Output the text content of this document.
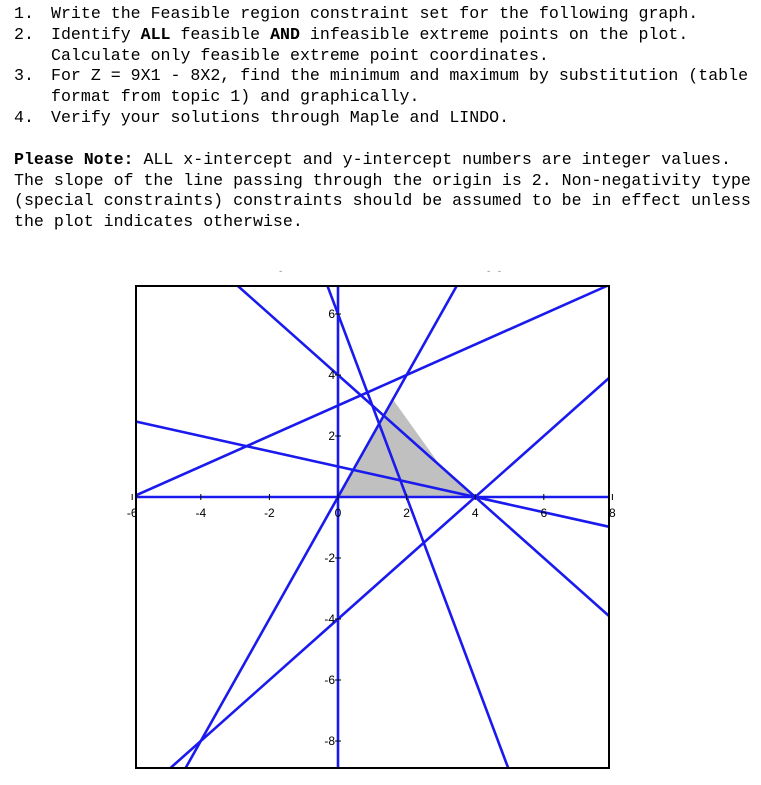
1.	Write the Feasible region constraint set for the following graph.
2.	Identify ALL feasible AND infeasible extreme points on the plot. Calculate only feasible extreme point coordinates.
3.	For Z = 9X1 - 8X2, find the minimum and maximum by substitution (table format from topic 1) and graphically.
4.	Verify your solutions through Maple and LINDO.
Please Note: ALL x-intercept and y-intercept numbers are integer values.  The slope of the line passing through the origin is 2. Non-negativity type (special constraints) constraints should be assumed to be in effect unless the plot indicates otherwise.
-	- -
-6	-4	-2	0	2	4	6	8
6
4
2
-2
-4
-6
-8
